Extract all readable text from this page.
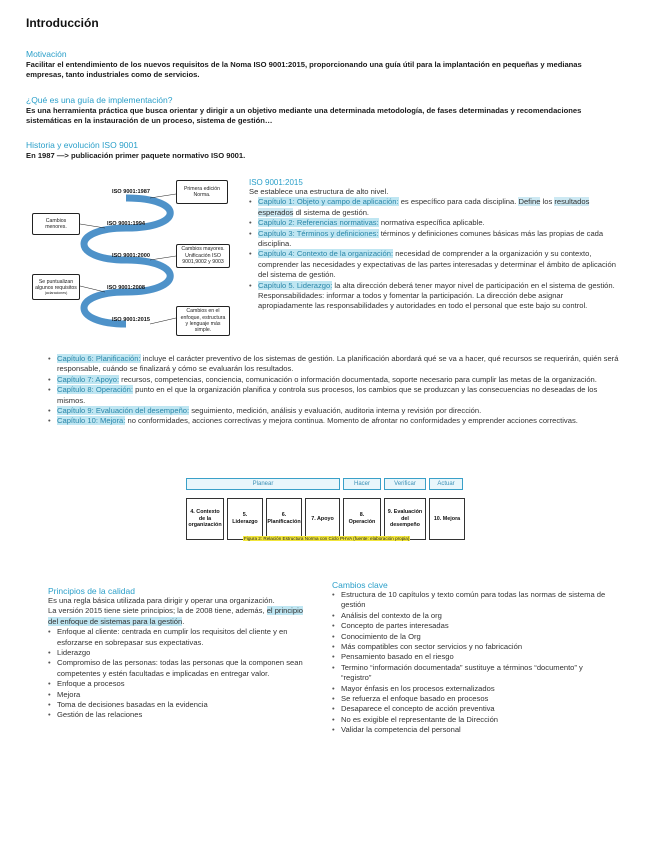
Introducción
Motivación
Facilitar el entendimiento de los nuevos requisitos de la Noma ISO 9001:2015, proporcionando una guía útil para la implantación en pequeñas y medianas empresas, tanto industriales como de servicios.
¿Qué es una guía de implementación?
Es una herramienta práctica que busca orientar y dirigir a un objetivo mediante una determinada metodología, de fases determinadas y recomendaciones sistemáticas en la instauración de un proceso, sistema de gestión…
Historia y evolución ISO 9001
En 1987 —> publicación primer paquete normativo ISO 9001.
ISO 9001:1987
ISO 9001:1994
ISO 9001:2000
ISO 9001:2008
ISO 9001:2015
Primera edición Norma.
Cambios mayores. Unificación ISO 9001,9002 y 9003
Cambios en el enfoque, estructura y lenguaje más simple.
Cambios menores.
Se puntualizan algunos requisitos
(aclaraciones)
ISO 9001:2015
Se establece una estructura de alto nivel.
• Capítulo 1: Objeto y campo de aplicación: es específico para cada disciplina. Define los resultados esperados dl sistema de gestión.
• Capítulo 2: Referencias normativas: normativa específica aplicable.
• Capítulo 3: Términos y definiciones: términos y definiciones comunes básicas más las propias de cada disciplina.
• Capítulo 4: Contexto de la organización: necesidad de comprender a la organización y su contexto, comprender las necesidades y expectativas de las partes interesadas y determinar el ámbito de aplicación del sistema de gestión.
• Capítulo 5. Liderazgo: la alta dirección deberá tener mayor nivel de participación en el sistema de gestión. Responsabilidades: informar a todos y fomentar la participación. La dirección debe asignar apropiadamente las responsabilidades y autoridades en todo el personal que este bajo su control.
• Capítulo 6: Planificación: incluye el carácter preventivo de los sistemas de gestión. La planificación abordará qué se va a hacer, qué recursos se requerirán, quién será responsable, cuándo se finalizará y cómo se evaluarán los resultados.
• Capítulo 7: Apoyo: recursos, competencias, conciencia, comunicación o información documentada, soporte necesario para cumplir las metas de la organización.
• Capítulo 8: Operación: punto en el que la organización planifica y controla sus procesos, los cambios que se produzcan y las consecuencias no deseadas de los mismos.
• Capítulo 9: Evaluación del desempeño: seguimiento, medición, análisis y evaluación, auditoria interna y revisión por dirección.
• Capítulo 10: Mejora: no conformidades, acciones correctivas y mejora continua. Momento de afrontar no conformidades y emprender acciones correctivas.
Planear	Hacer	Verificar	Actuar
4. Contexto de la organización
5. Liderazgo
6. Planificación
7. Apoyo
8. Operación
9. Evaluación del desempeño
10. Mejora
Figura 2: Relación Estructura Norma con Ciclo PHVA (fuente: elaboración propia)
Principios de la calidad
Es una regla básica utilizada para dirigir y operar una organización.
La versión 2015 tiene siete principios; la de 2008 tiene, además, el principio del enfoque de sistemas para la gestión.
• Enfoque al cliente: centrada en cumplir los requisitos del cliente y en esforzarse en sobrepasar sus expectativas.
• Liderazgo
• Compromiso de las personas: todas las personas que la componen sean competentes y estén facultadas e implicadas en entregar valor.
• Enfoque a procesos
• Mejora
• Toma de decisiones basadas en la evidencia
• Gestión de las relaciones
Cambios clave
• Estructura de 10 capítulos y texto común para todas las normas de sistema de gestión
• Análisis del contexto de la org
• Concepto de partes interesadas
• Conocimiento de la Org
• Más compatibles con sector servicios y no fabricación
• Pensamiento basado en el riesgo
• Termino “información documentada” sustituye a términos “documento” y “registro”
• Mayor énfasis en los procesos externalizados
• Se refuerza el enfoque basado en procesos
• Desaparece el concepto de acción preventiva
• No es exigible el representante de la Dirección
• Validar la competencia del personal
